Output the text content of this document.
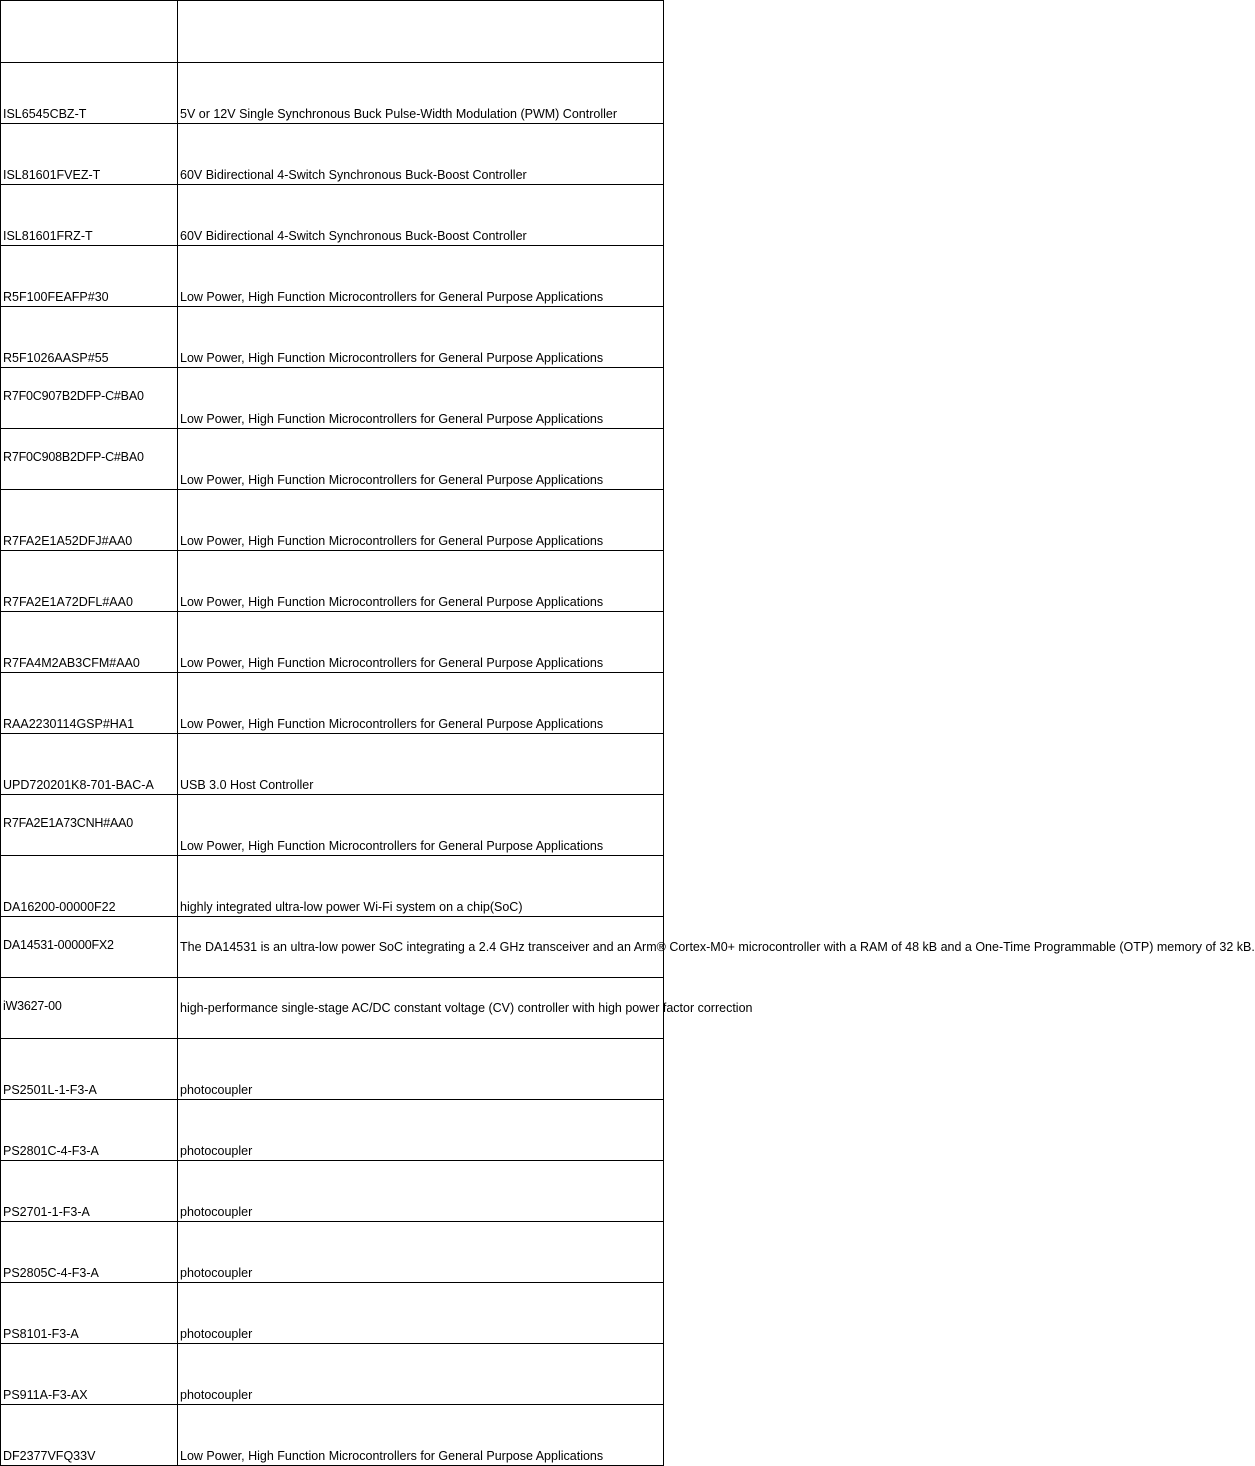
ISL6545CBZ-T	5V or 12V Single Synchronous Buck Pulse-Width Modulation (PWM) Controller
ISL81601FVEZ-T	60V Bidirectional 4-Switch Synchronous Buck-Boost Controller
ISL81601FRZ-T	60V Bidirectional 4-Switch Synchronous Buck-Boost Controller
R5F100FEAFP#30	Low Power, High Function Microcontrollers for General Purpose Applications
R5F1026AASP#55	Low Power, High Function Microcontrollers for General Purpose Applications
R7F0C907B2DFP-C#BA0	Low Power, High Function Microcontrollers for General Purpose Applications
R7F0C908B2DFP-C#BA0	Low Power, High Function Microcontrollers for General Purpose Applications
R7FA2E1A52DFJ#AA0	Low Power, High Function Microcontrollers for General Purpose Applications
R7FA2E1A72DFL#AA0	Low Power, High Function Microcontrollers for General Purpose Applications
R7FA4M2AB3CFM#AA0	Low Power, High Function Microcontrollers for General Purpose Applications
RAA2230114GSP#HA1	Low Power, High Function Microcontrollers for General Purpose Applications
UPD720201K8-701-BAC-A	USB 3.0 Host Controller
R7FA2E1A73CNH#AA0	Low Power, High Function Microcontrollers for General Purpose Applications
DA16200-00000F22	highly integrated ultra-low power Wi-Fi system on a chip(SoC)
DA14531-00000FX2	The DA14531 is an ultra-low power SoC integrating a 2.4 GHz transceiver and an Arm® Cortex-M0+ microcontroller with a RAM of 48 kB and a One-Time Programmable (OTP) memory of 32 kB.
iW3627-00	high-performance single-stage AC/DC constant voltage (CV) controller with high power factor correction
PS2501L-1-F3-A	photocoupler
PS2801C-4-F3-A	photocoupler
PS2701-1-F3-A	photocoupler
PS2805C-4-F3-A	photocoupler
PS8101-F3-A	photocoupler
PS911A-F3-AX	photocoupler
DF2377VFQ33V	Low Power, High Function Microcontrollers for General Purpose Applications
